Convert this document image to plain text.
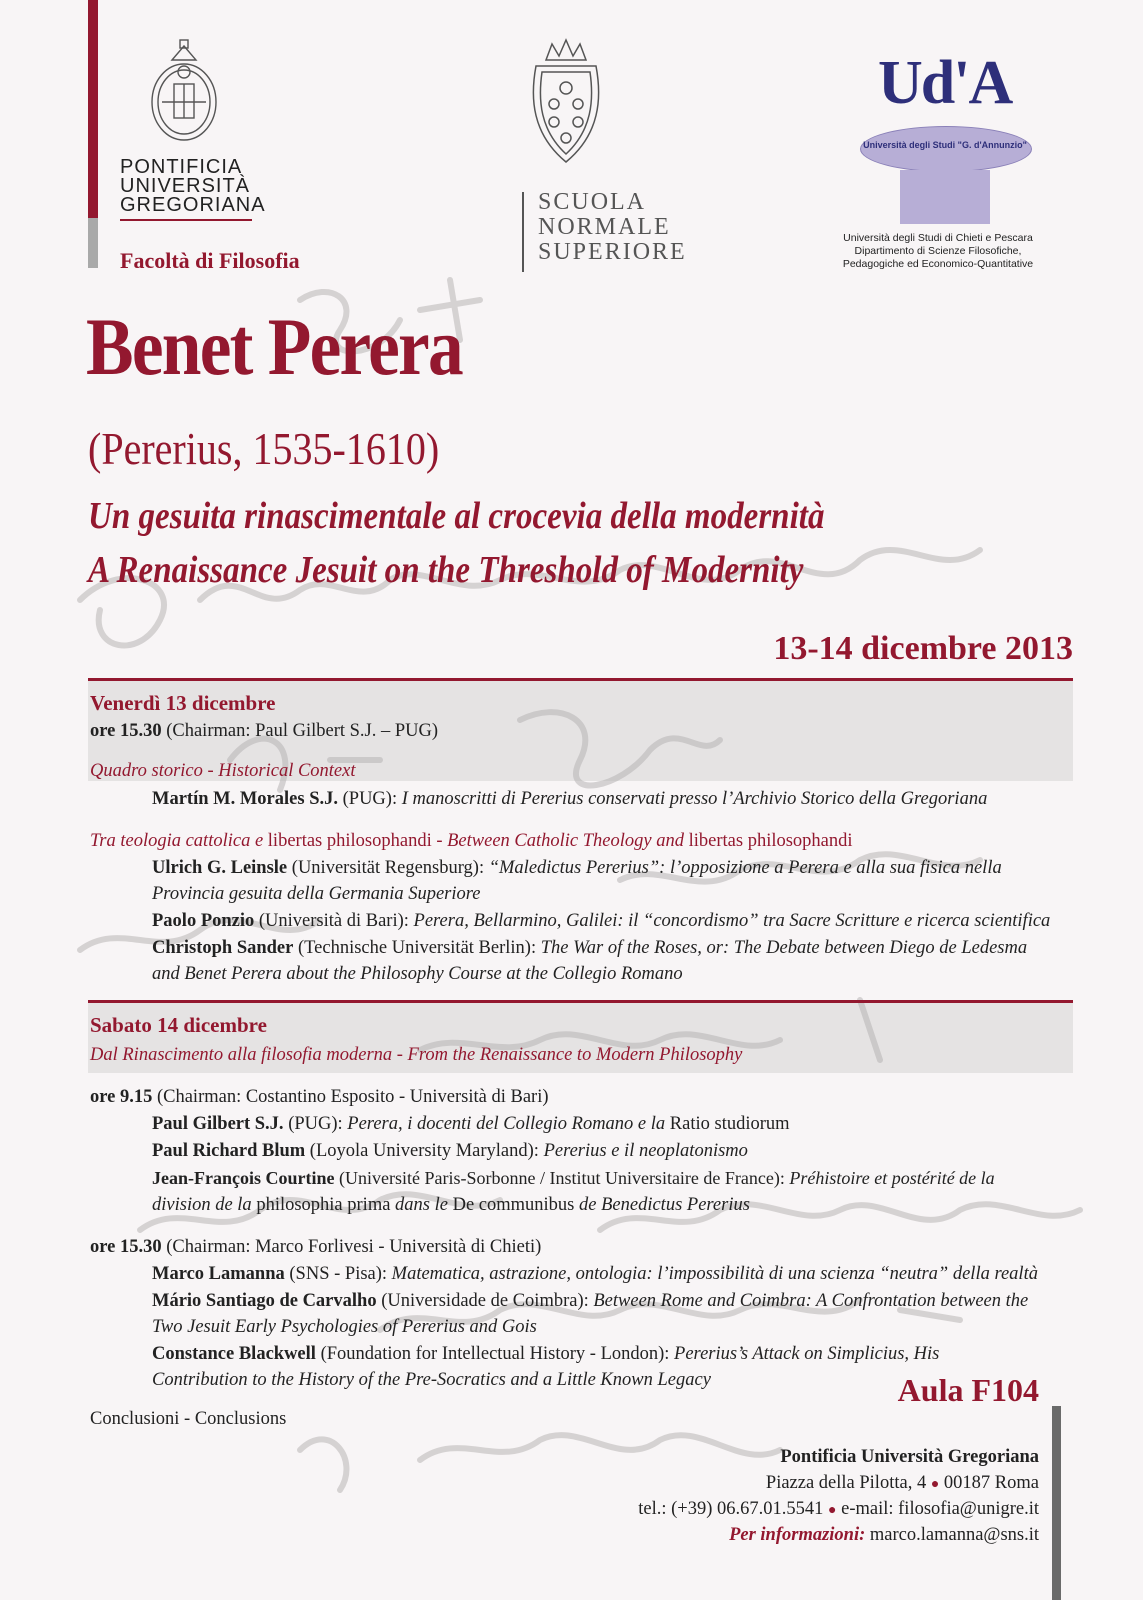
PONTIFICIA
UNIVERSITÀ
GREGORIANA
Facoltà di Filosofia
SCUOLA
NORMALE
SUPERIORE
Ud'A
Università degli Studi "G. d'Annunzio"
Università degli Studi di Chieti e Pescara
Dipartimento di Scienze Filosofiche,
Pedagogiche ed Economico-Quantitative
Benet Perera
(Pererius, 1535-1610)
Un gesuita rinascimentale al crocevia della modernità
A Renaissance Jesuit on the Threshold of Modernity
13-14 dicembre 2013
Venerdì 13 dicembre
ore 15.30 (Chairman: Paul Gilbert S.J. – PUG)
Quadro storico - Historical Context
Martín M. Morales S.J. (PUG): I manoscritti di Pererius conservati presso l’Archivio Storico della Gregoriana
Tra teologia cattolica e libertas philosophandi - Between Catholic Theology and libertas philosophandi
Ulrich G. Leinsle (Universität Regensburg): “Maledictus Pererius”: l’opposizione a Perera e alla sua fisica nella
Provincia gesuita della Germania Superiore
Paolo Ponzio (Università di Bari): Perera, Bellarmino, Galilei: il “concordismo” tra Sacre Scritture e ricerca scientifica
Christoph Sander (Technische Universität Berlin): The War of the Roses, or: The Debate between Diego de Ledesma
and Benet Perera about the Philosophy Course at the Collegio Romano
Sabato 14 dicembre
Dal Rinascimento alla filosofia moderna - From the Renaissance to Modern Philosophy
ore 9.15 (Chairman: Costantino Esposito - Università di Bari)
Paul Gilbert S.J. (PUG): Perera, i docenti del Collegio Romano e la Ratio studiorum
Paul Richard Blum (Loyola University Maryland): Pererius e il neoplatonismo
Jean-François Courtine (Université Paris-Sorbonne / Institut Universitaire de France): Préhistoire et postérité de la
division de la philosophia prima dans le De communibus de Benedictus Pererius
ore 15.30 (Chairman: Marco Forlivesi - Università di Chieti)
Marco Lamanna (SNS - Pisa): Matematica, astrazione, ontologia: l’impossibilità di una scienza “neutra” della realtà
Mário Santiago de Carvalho (Universidade de Coimbra): Between Rome and Coimbra: A Confrontation between the
Two Jesuit Early Psychologies of Pererius and Gois
Constance Blackwell (Foundation for Intellectual History - London): Pererius’s Attack on Simplicius, His
Contribution to the History of the Pre-Socratics and a Little Known Legacy
Conclusioni - Conclusions
Aula F104
Pontificia Università Gregoriana
Piazza della Pilotta, 4 ● 00187 Roma
tel.: (+39) 06.67.01.5541 ● e-mail: filosofia@unigre.it
Per informazioni: marco.lamanna@sns.it
